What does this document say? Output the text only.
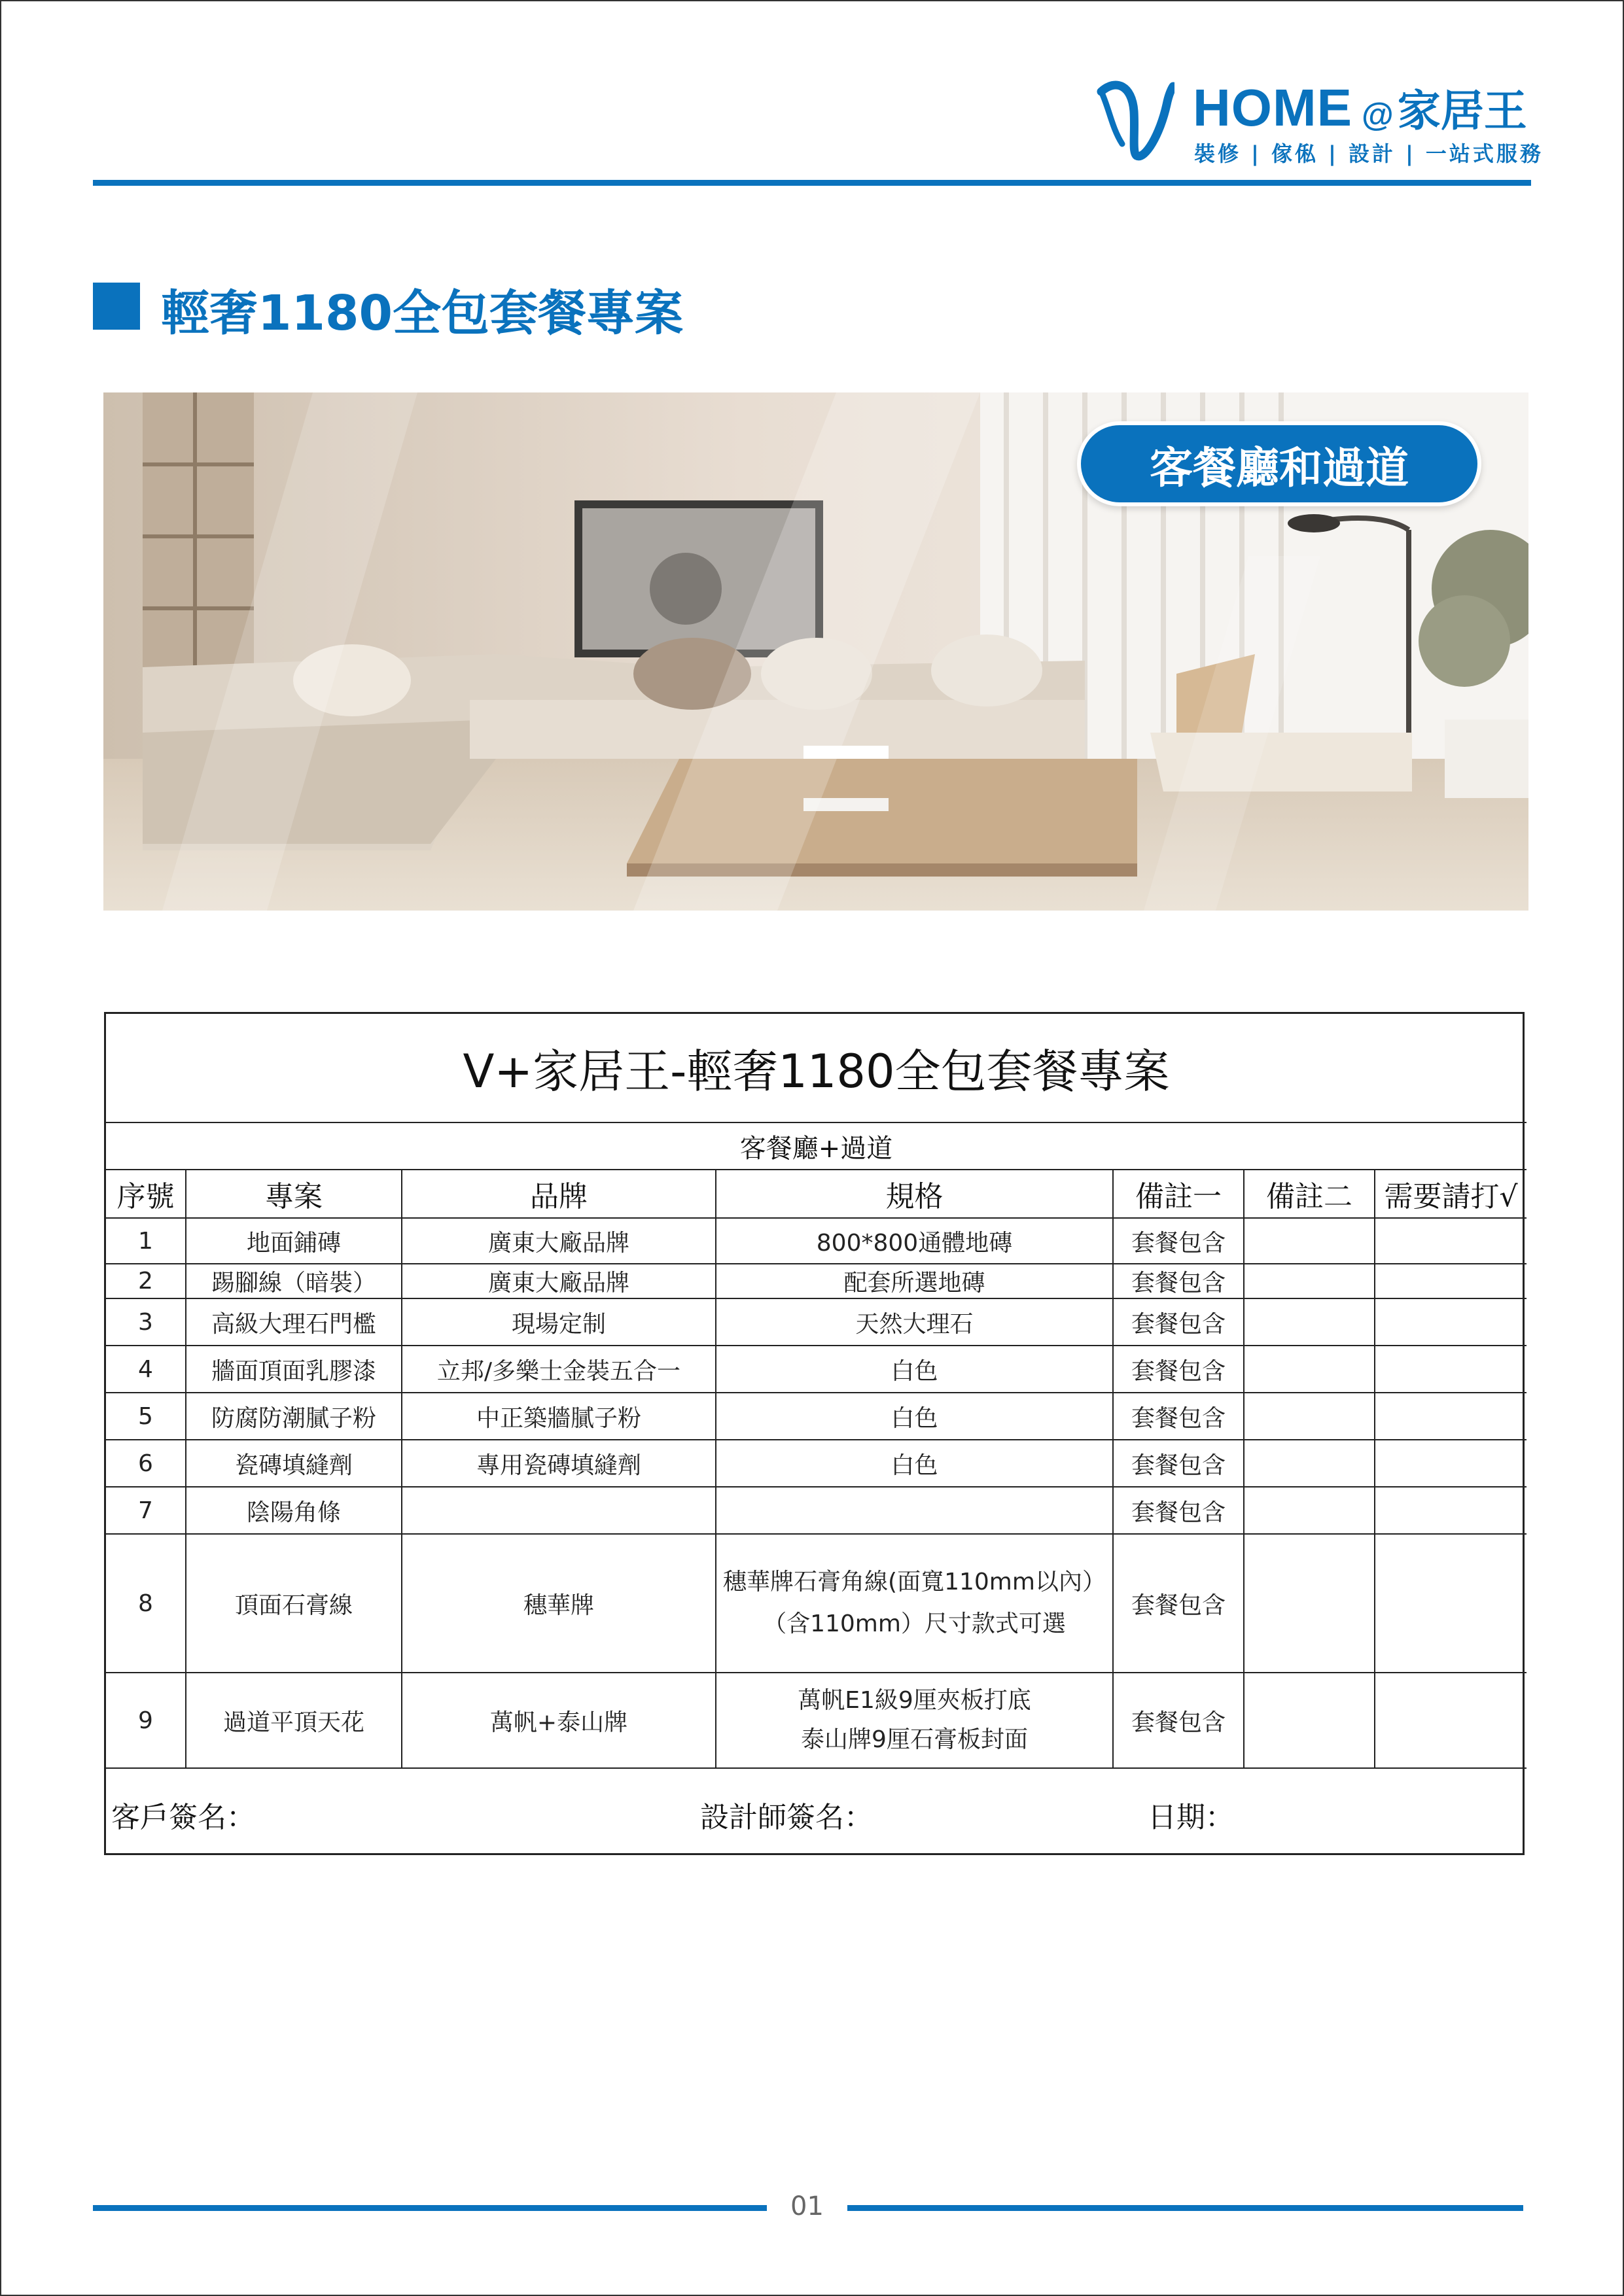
HOME @家居王
裝修 | 傢俬 | 設計 | 一站式服務
輕奢1180全包套餐專案
客餐廳和過道
V+家居王-輕奢1180全包套餐專案						
客餐廳+過道						
序號	專案	品牌	規格	備註一	備註二	需要請打√
1	地面鋪磚	廣東大廠品牌	800*800通體地磚	套餐包含		
2	踢腳線（暗裝）	廣東大廠品牌	配套所選地磚	套餐包含		
3	高級大理石門檻	現場定制	天然大理石	套餐包含		
4	牆面頂面乳膠漆	立邦/多樂士金裝五合一	白色	套餐包含		
5	防腐防潮膩子粉	中正築牆膩子粉	白色	套餐包含		
6	瓷磚填縫劑	專用瓷磚填縫劑	白色	套餐包含		
7	陰陽角條			套餐包含		
8	頂面石膏線	穗華牌	穗華牌石膏角線(面寬110mm以內）
（含110mm）尺寸款式可選	套餐包含		
9	過道平頂天花	萬帆+泰山牌	萬帆E1級9厘夾板打底
泰山牌9厘石膏板封面	套餐包含		

客戶簽名： 設計師簽名： 日期：						
01
